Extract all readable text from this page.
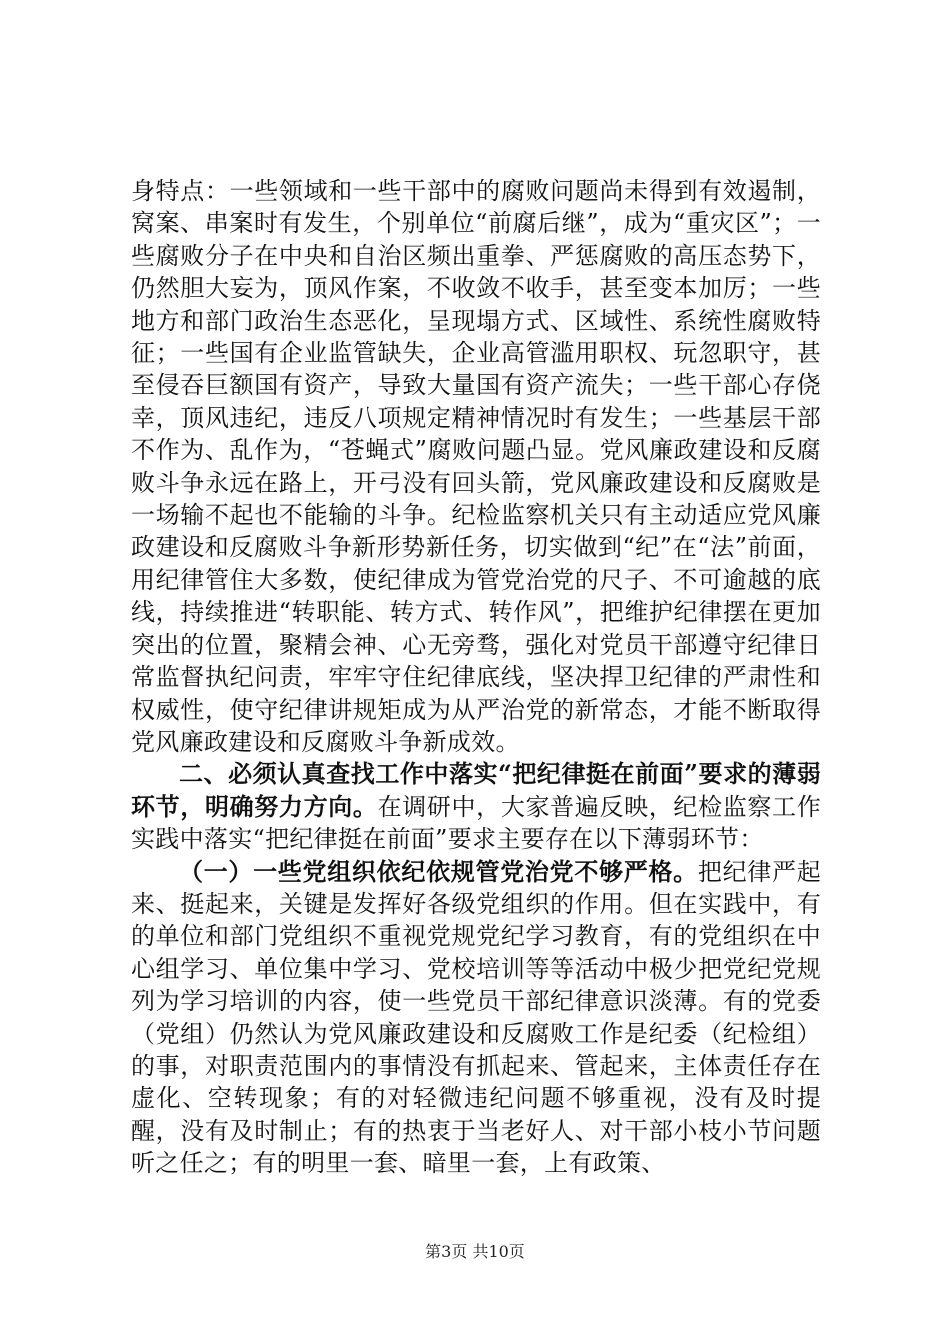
身特点：一些领域和一些干部中的腐败问题尚未得到有效遏制，窝案、串案时有发生，个别单位“前腐后继”，成为“重灾区”；一些腐败分子在中央和自治区频出重拳、严惩腐败的高压态势下，仍然胆大妄为，顶风作案，不收敛不收手，甚至变本加厉；一些地方和部门政治生态恶化，呈现塌方式、区域性、系统性腐败特征；一些国有企业监管缺失，企业高管滥用职权、玩忽职守，甚至侵吞巨额国有资产，导致大量国有资产流失；一些干部心存侥幸，顶风违纪，违反八项规定精神情况时有发生；一些基层干部不作为、乱作为，“苍蝇式”腐败问题凸显。党风廉政建设和反腐败斗争永远在路上，开弓没有回头箭，党风廉政建设和反腐败是一场输不起也不能输的斗争。纪检监察机关只有主动适应党风廉政建设和反腐败斗争新形势新任务，切实做到“纪”在“法”前面，用纪律管住大多数，使纪律成为管党治党的尺子、不可逾越的底线，持续推进“转职能、转方式、转作风”，把维护纪律摆在更加突出的位置，聚精会神、心无旁骛，强化对党员干部遵守纪律日常监督执纪问责，牢牢守住纪律底线，坚决捍卫纪律的严肃性和权威性，使守纪律讲规矩成为从严治党的新常态，才能不断取得党风廉政建设和反腐败斗争新成效。

二、必须认真查找工作中落实“把纪律挺在前面”要求的薄弱环节，明确努力方向。在调研中，大家普遍反映，纪检监察工作实践中落实“把纪律挺在前面”要求主要存在以下薄弱环节：

（一）一些党组织依纪依规管党治党不够严格。把纪律严起来、挺起来，关键是发挥好各级党组织的作用。但在实践中，有的单位和部门党组织不重视党规党纪学习教育，有的党组织在中心组学习、单位集中学习、党校培训等等活动中极少把党纪党规列为学习培训的内容，使一些党员干部纪律意识淡薄。有的党委（党组）仍然认为党风廉政建设和反腐败工作是纪委（纪检组）的事，对职责范围内的事情没有抓起来、管起来，主体责任存在虚化、空转现象；有的对轻微违纪问题不够重视，没有及时提醒，没有及时制止；有的热衷于当老好人、对干部小枝小节问题听之任之；有的明里一套、暗里一套，上有政策、

第3页 共10页
